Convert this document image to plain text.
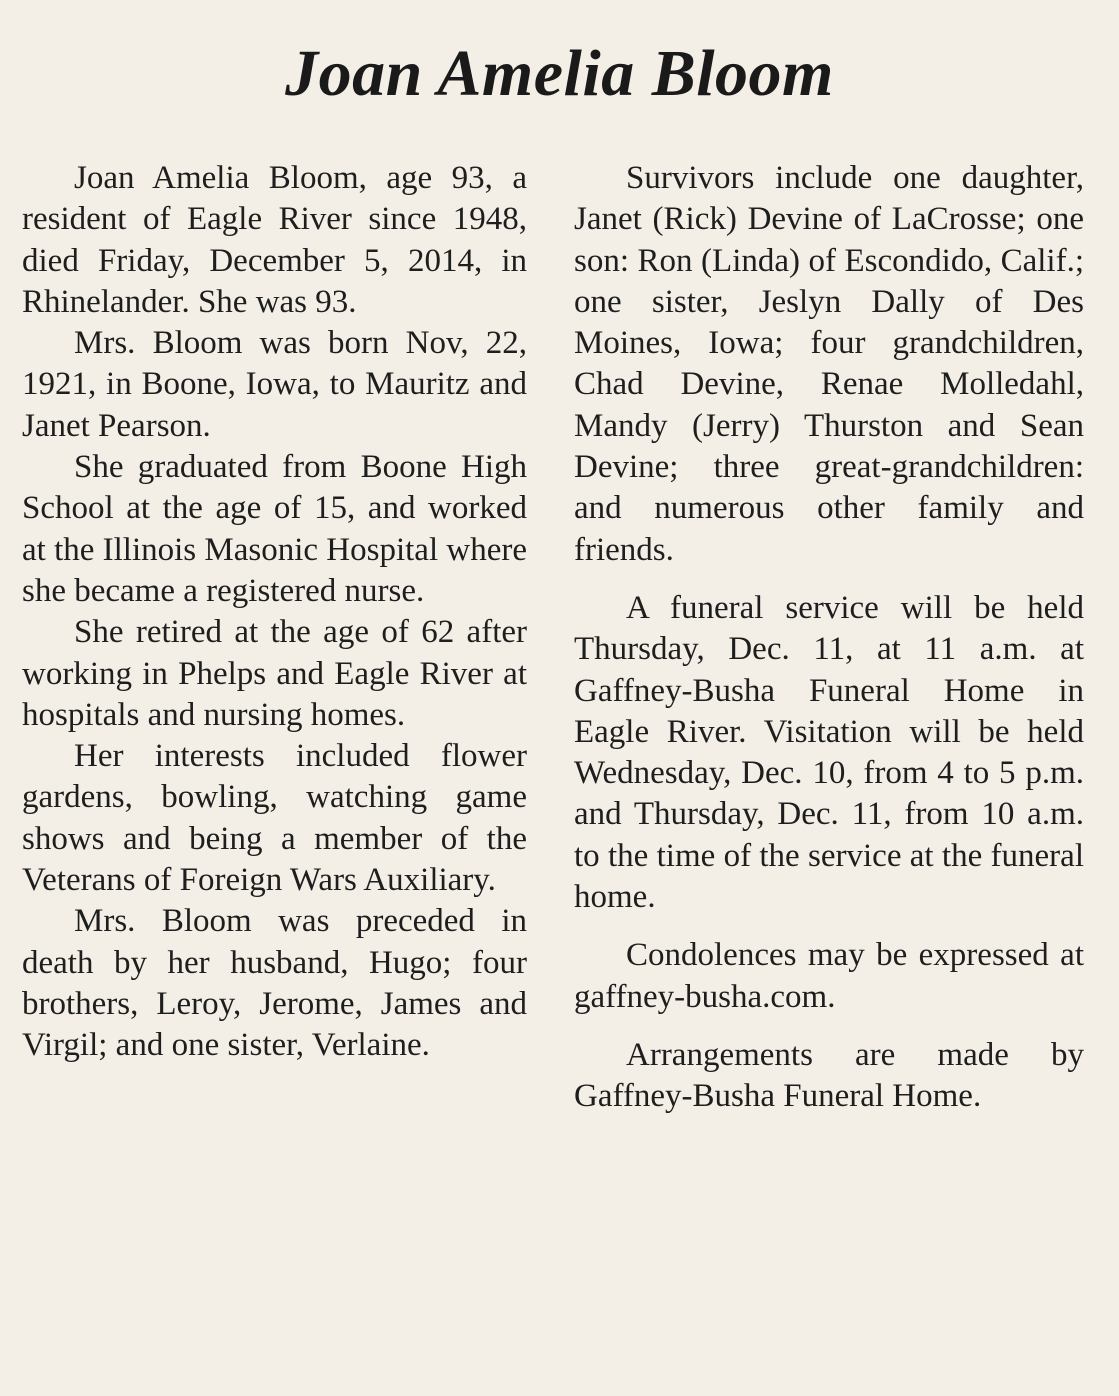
Joan Amelia Bloom

Joan Amelia Bloom, age 93, a resident of Eagle River since 1948, died Friday, December 5, 2014, in Rhinelander. She was 93.

Mrs. Bloom was born Nov, 22, 1921, in Boone, Iowa, to Mauritz and Janet Pearson.

She graduated from Boone High School at the age of 15, and worked at the Illinois Masonic Hospital where she became a registered nurse.

She retired at the age of 62 after working in Phelps and Eagle River at hospitals and nursing homes.

Her interests included flower gardens, bowling, watching game shows and being a member of the Veterans of Foreign Wars Auxiliary.

Mrs. Bloom was preceded in death by her husband, Hugo; four brothers, Leroy, Jerome, James and Virgil; and one sister, Verlaine.

Survivors include one daughter, Janet (Rick) Devine of LaCrosse; one son: Ron (Linda) of Escondido, Calif.; one sister, Jeslyn Dally of Des Moines, Iowa; four grandchildren, Chad Devine, Renae Molledahl, Mandy (Jerry) Thurston and Sean Devine; three great-grandchildren: and numerous other family and friends.

A funeral service will be held Thursday, Dec. 11, at 11 a.m. at Gaffney-Busha Funeral Home in Eagle River. Visitation will be held Wednesday, Dec. 10, from 4 to 5 p.m. and Thursday, Dec. 11, from 10 a.m. to the time of the service at the funeral home.

Condolences may be expressed at gaffney-busha.com.

Arrangements are made by Gaffney-Busha Funeral Home.
